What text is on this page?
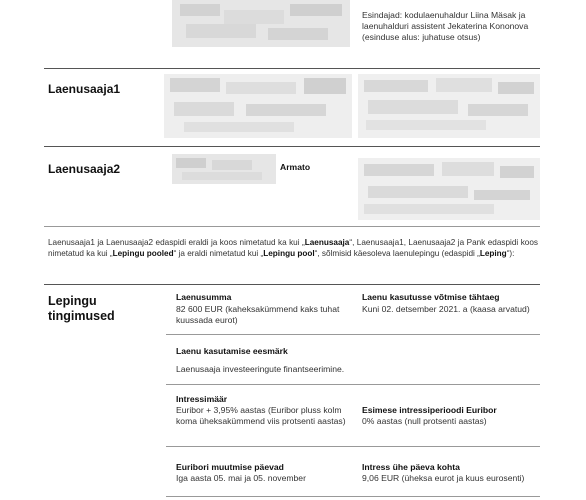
Esindajad: kodulaenuhaldur Liina Mäsak ja laenuhalduri assistent Jekaterina Kononova (esinduse alus: juhatuse otsus)
Laenusaaja1
Laenusaaja2	Armato
Laenusaaja1 ja Laenusaaja2 edaspidi eraldi ja koos nimetatud ka kui „Laenusaaja“, Laenusaaja1, Laenusaaja2 ja Pank edaspidi koos nimetatud ka kui „Lepingu pooled“ ja eraldi nimetatud kui „Lepingu pool“, sõlmisid käesoleva laenulepingu (edaspidi „Leping“):
Lepingu
tingimused
Laenusumma
82 600 EUR (kaheksakümmend kaks tuhat kuussada eurot)
Laenu kasutusse võtmise tähtaeg
Kuni 02. detsember 2021. a (kaasa arvatud)
Laenu kasutamise eesmärk
Laenusaaja investeeringute finantseerimine.
Intressimäär
Euribor + 3,95% aastas (Euribor pluss kolm koma üheksakümmend viis protsenti aastas)
Esimese intressiperioodi Euribor
0% aastas (null protsenti aastas)
Euribori muutmise päevad
Iga aasta 05. mai ja 05. november
Intress ühe päeva kohta
9,06 EUR (üheksa eurot ja kuus eurosenti)
